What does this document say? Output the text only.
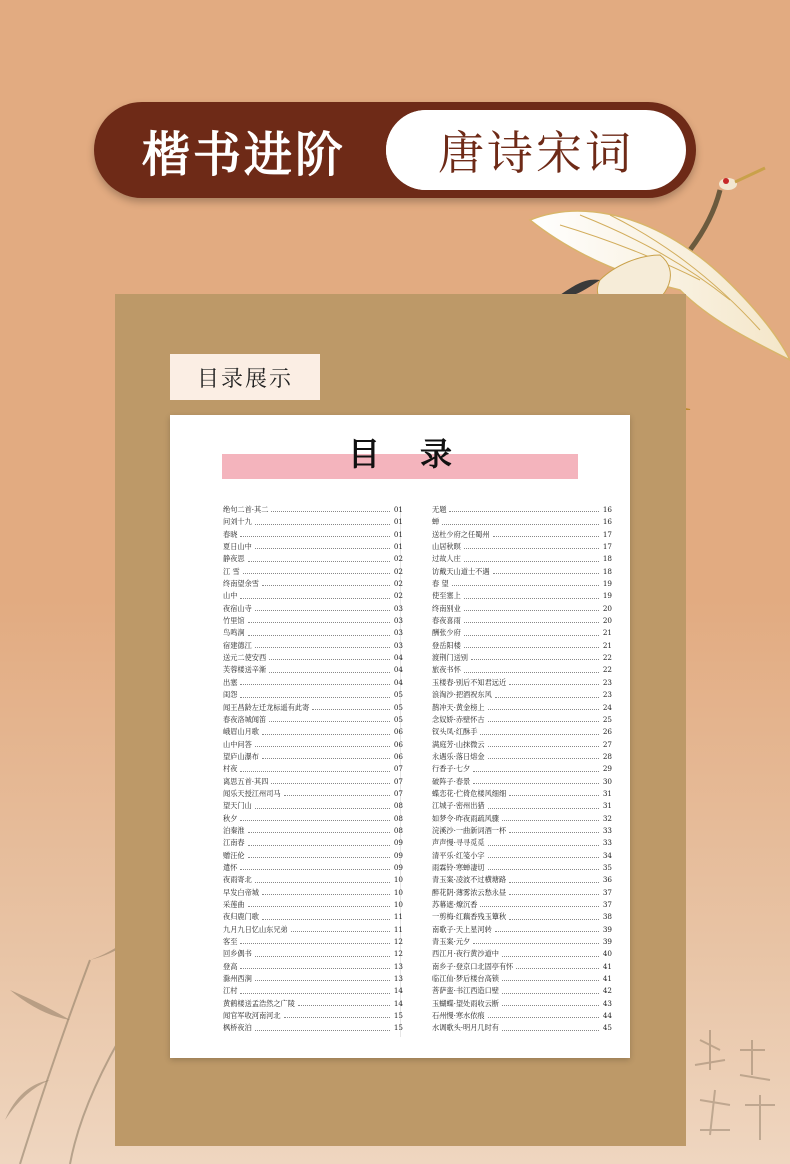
楷书进阶	唐诗宋词
目录展示
目录
绝句二首·其二	01
问刘十九	01
春晓	01
夏日山中	01
静夜思	02
江 雪	02
终南望余雪	02
山中	02
夜宿山寺	03
竹里馆	03
鸟鸣涧	03
宿建德江	03
送元二使安西	04
芙蓉楼送辛渐	04
出塞	04
闺怨	05
闻王昌龄左迁龙标遥有此寄	05
春夜洛城闻笛	05
峨眉山月歌	06
山中问答	06
望庐山瀑布	06
村夜	07
离思五首·其四	07
闻乐天授江州司马	07
望天门山	08
秋夕	08
泊秦淮	08
江南春	09
赠汪伦	09
遣怀	09
夜雨寄北	10
早发白帝城	10
采莲曲	10
夜归鹿门歌	11
九月九日忆山东兄弟	11
客至	12
回乡偶书	12
登高	13
滁州西涧	13
江村	14
黄鹤楼送孟浩然之广陵	14
闻官军收河南河北	15
枫桥夜泊	15
无题	16
蝉	16
送杜少府之任蜀州	17
山居秋暝	17
过故人庄	18
访戴天山道士不遇	18
春 望	19
使至塞上	19
终南别业	20
春夜喜雨	20
酬张少府	21
登岳阳楼	21
渡荆门送别	22
旅夜书怀	22
玉楼春·别后不知君远近	23
浪淘沙·把酒祝东风	23
鹊冲天·黄金榜上	24
念奴娇·赤壁怀古	25
钗头凤·红酥手	26
满庭芳·山抹微云	27
永遇乐·落日熔金	28
行香子·七夕	29
破阵子·春景	30
蝶恋花·伫倚危楼风细细	31
江城子·密州出猎	31
如梦令·昨夜雨疏风骤	32
浣溪沙·一曲新词酒一杯	33
声声慢·寻寻觅觅	33
清平乐·红笺小字	34
雨霖铃·寒蝉凄切	35
青玉案·凌波不过横塘路	36
醉花阴·薄雾浓云愁永昼	37
苏幕遮·燎沉香	37
一剪梅·红藕香残玉簟秋	38
南歌子·天上星河转	39
青玉案·元夕	39
西江月·夜行黄沙道中	40
南乡子·登京口北固亭有怀	41
临江仙·梦后楼台高锁	41
菩萨蛮·书江西造口壁	42
玉蝴蝶·望处雨收云断	43
石州慢·寒水依痕	44
水调歌头·明月几时有	45
